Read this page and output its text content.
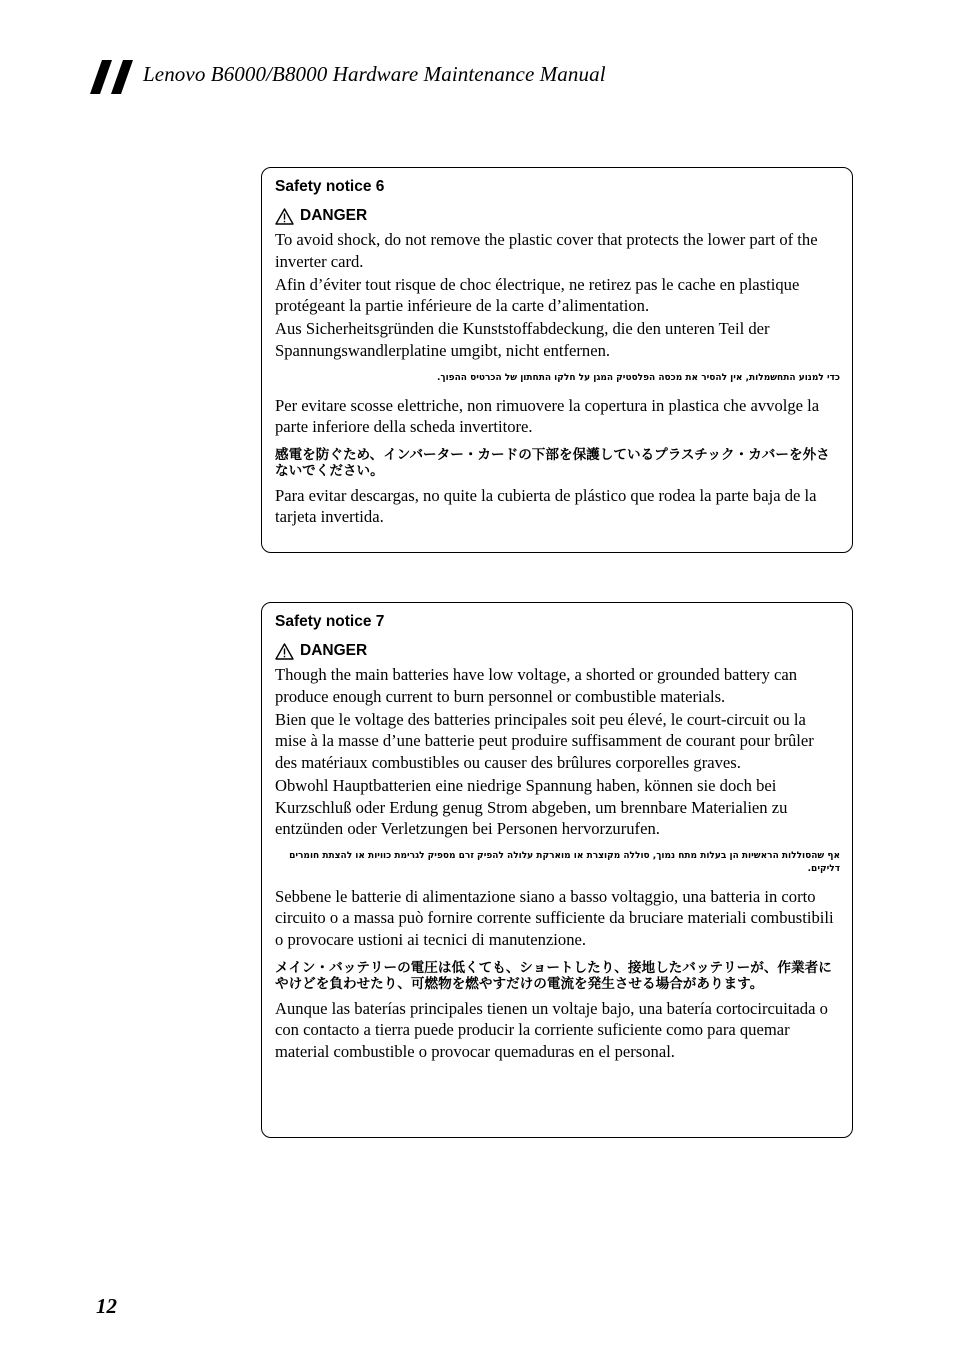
Lenovo B6000/B8000 Hardware Maintenance Manual
Safety notice 6
DANGER
To avoid shock, do not remove the plastic cover that protects the lower part of the inverter card.
Afin d’éviter tout risque de choc électrique, ne retirez pas le cache en plastique protégeant la partie inférieure de la carte d’alimentation.
Aus Sicherheitsgründen die Kunststoffabdeckung, die den unteren Teil der Spannungswandlerplatine umgibt, nicht entfernen.
כדי למנוע התחשמלות, אין להסיר את מכסה הפלסטיק המגן על חלקו התחתון של הכרטיס ההפוך.
Per evitare scosse elettriche, non rimuovere la copertura in plastica che avvolge la parte inferiore della scheda invertitore.
感電を防ぐため、インバーター・カードの下部を保護しているプラスチック・カバーを外さないでください。
Para evitar descargas, no quite la cubierta de plástico que rodea la parte baja de la tarjeta invertida.
Safety notice 7
DANGER
Though the main batteries have low voltage, a shorted or grounded battery can produce enough current to burn personnel or combustible materials.
Bien que le voltage des batteries principales soit peu élevé, le court-circuit ou la mise à la masse d’une batterie peut produire suffisamment de courant pour brûler des matériaux combustibles ou causer des brûlures corporelles graves.
Obwohl Hauptbatterien eine niedrige Spannung haben, können sie doch bei Kurzschluß oder Erdung genug Strom abgeben, um brennbare Materialien zu entzünden oder Verletzungen bei Personen hervorzurufen.
אף שהסוללות הראשיות הן בעלות מתח נמוך, סוללה מקוצרת או מוארקת עלולה להפיק זרם מספיק לגרימת כוויות או להצתת חומרים דליקים.
Sebbene le batterie di alimentazione siano a basso voltaggio, una batteria in corto circuito o a massa può fornire corrente sufficiente da bruciare materiali combustibili o provocare ustioni ai tecnici di manutenzione.
メイン・バッテリーの電圧は低くても、ショートしたり、接地したバッテリーが、作業者にやけどを負わせたり、可燃物を燃やすだけの電流を発生させる場合があります。
Aunque las baterías principales tienen un voltaje bajo, una batería cortocircuitada o con contacto a tierra puede producir la corriente suficiente como para quemar material combustible o provocar quemaduras en el personal.
12
